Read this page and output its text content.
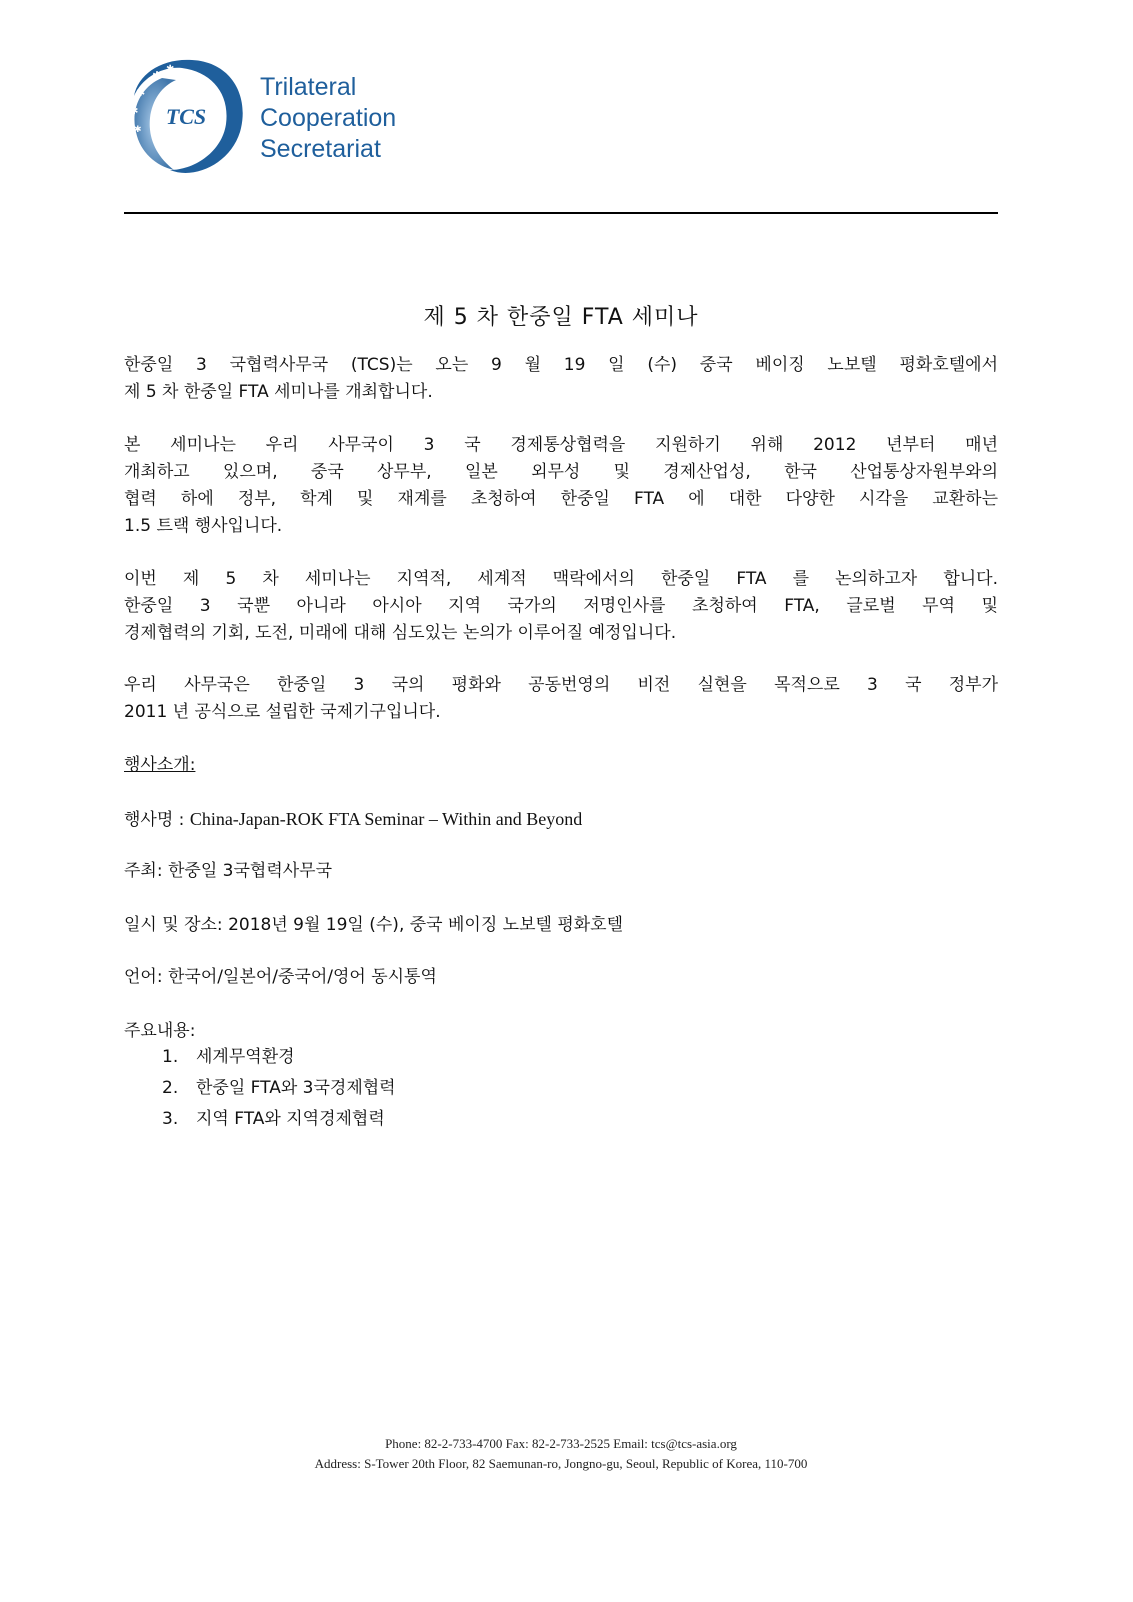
TCS
✱
✱
✱
✱
✱
Trilateral
Cooperation
Secretariat
제 5 차 한중일 FTA 세미나
한중일 3 국협력사무국 (TCS)는 오는 9 월 19 일 (수) 중국 베이징 노보텔 평화호텔에서
제 5 차 한중일 FTA 세미나를 개최합니다.
본 세미나는 우리 사무국이 3 국 경제통상협력을 지원하기 위해 2012 년부터 매년
개최하고 있으며, 중국 상무부, 일본 외무성 및 경제산업성, 한국 산업통상자원부와의
협력 하에 정부, 학계 및 재계를 초청하여 한중일 FTA 에 대한 다양한 시각을 교환하는
1.5 트랙 행사입니다.
이번 제 5 차 세미나는 지역적, 세계적 맥락에서의 한중일 FTA 를 논의하고자 합니다.
한중일 3 국뿐 아니라 아시아 지역 국가의 저명인사를 초청하여 FTA, 글로벌 무역 및
경제협력의 기회, 도전, 미래에 대해 심도있는 논의가 이루어질 예정입니다.
우리 사무국은 한중일 3 국의 평화와 공동번영의 비전 실현을 목적으로 3 국 정부가
2011 년 공식으로 설립한 국제기구입니다.
행사소개:
행사명 : China-Japan-ROK FTA Seminar – Within and Beyond
주최: 한중일 3국협력사무국
일시 및 장소: 2018년 9월 19일 (수), 중국 베이징 노보텔 평화호텔
언어: 한국어/일본어/중국어/영어 동시통역
주요내용:
1. 세계무역환경
2. 한중일 FTA와 3국경제협력
3. 지역 FTA와 지역경제협력
Phone: 82-2-733-4700 Fax: 82-2-733-2525 Email: tcs@tcs-asia.org
Address: S-Tower 20th Floor, 82 Saemunan-ro, Jongno-gu, Seoul, Republic of Korea, 110-700
